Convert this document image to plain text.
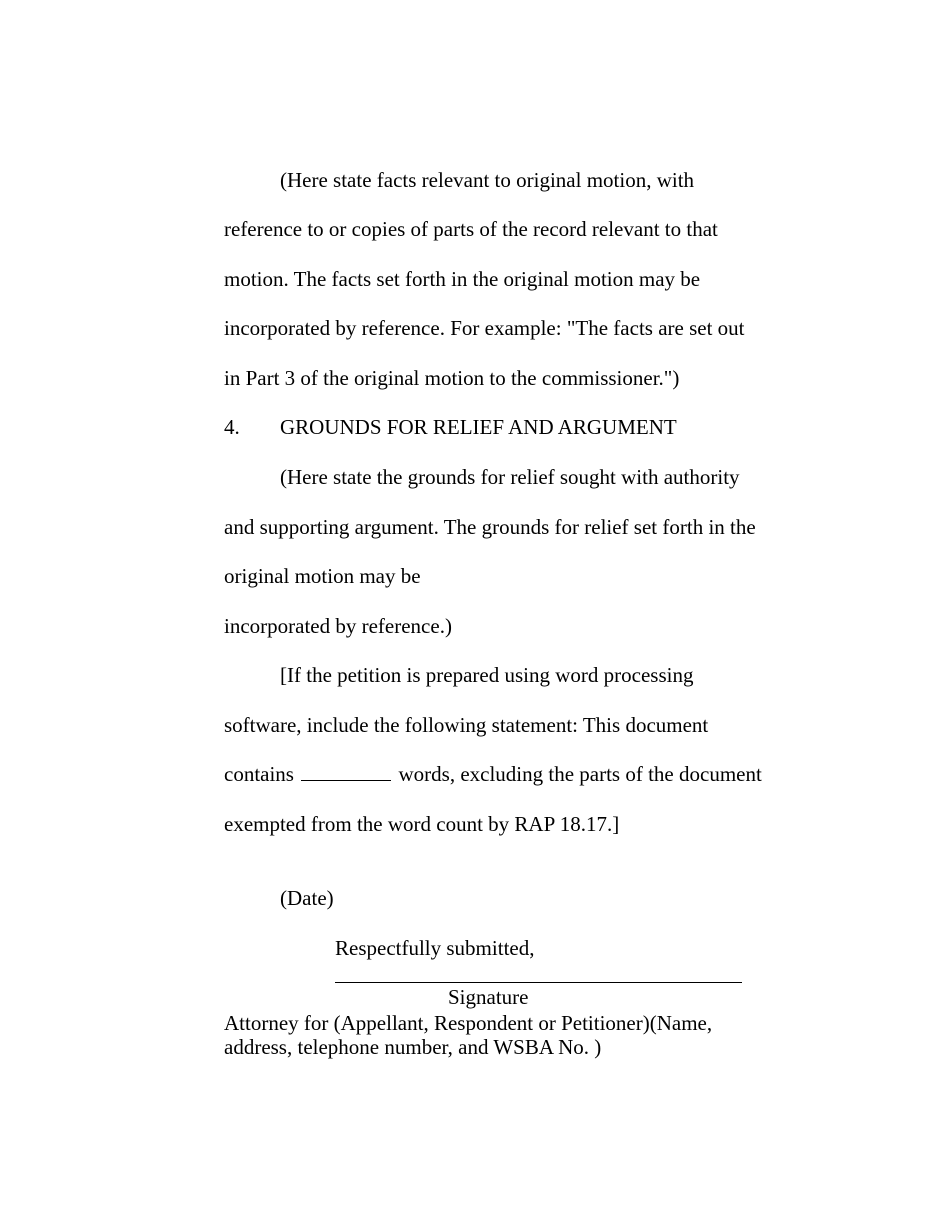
(Here state facts relevant to original motion, with
reference to or copies of parts of the record relevant to that
motion. The facts set forth in the original motion may be
incorporated by reference. For example: "The facts are set out
in Part 3 of the original motion to the commissioner.")
4. GROUNDS FOR RELIEF AND ARGUMENT
(Here state the grounds for relief sought with authority
and supporting argument. The grounds for relief set forth in the
original motion may be
incorporated by reference.)
[If the petition is prepared using word processing
software, include the following statement: This document
contains	words, excluding the parts of the document
exempted from the word count by RAP 18.17.]
(Date)
Respectfully submitted,
Signature
Attorney for (Appellant, Respondent or Petitioner)(Name,
address, telephone number, and WSBA No. )
